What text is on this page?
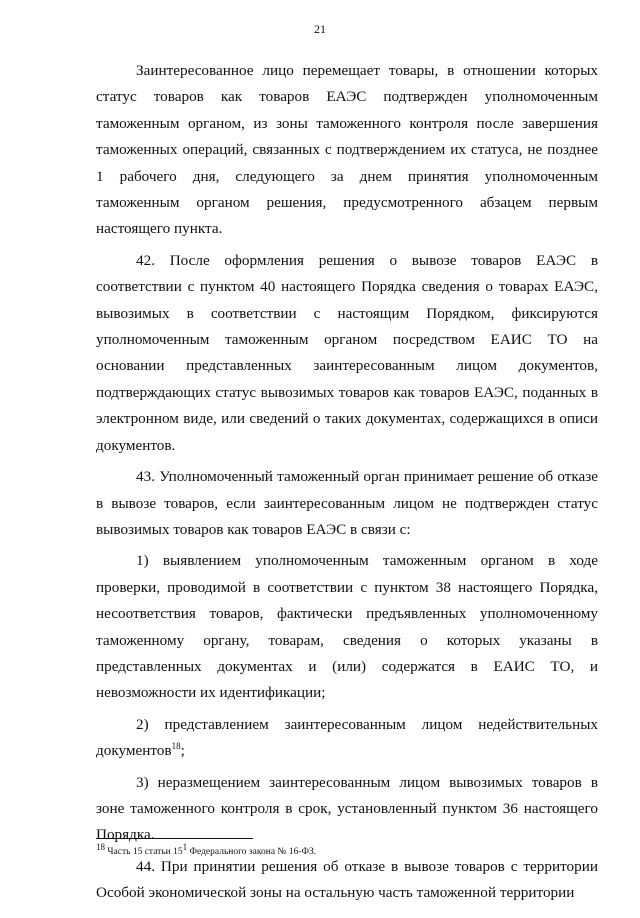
21

Заинтересованное лицо перемещает товары, в отношении которых статус товаров как товаров ЕАЭС подтвержден уполномоченным таможенным органом, из зоны таможенного контроля после завершения таможенных операций, связанных с подтверждением их статуса, не позднее 1 рабочего дня, следующего за днем принятия уполномоченным таможенным органом решения, предусмотренного абзацем первым настоящего пункта.

42. После оформления решения о вывозе товаров ЕАЭС в соответствии с пунктом 40 настоящего Порядка сведения о товарах ЕАЭС, вывозимых в соответствии с настоящим Порядком, фиксируются уполномоченным таможенным органом посредством ЕАИС ТО на основании представленных заинтересованным лицом документов, подтверждающих статус вывозимых товаров как товаров ЕАЭС, поданных в электронном виде, или сведений о таких документах, содержащихся в описи документов.

43. Уполномоченный таможенный орган принимает решение об отказе в вывозе товаров, если заинтересованным лицом не подтвержден статус вывозимых товаров как товаров ЕАЭС в связи с:

1) выявлением уполномоченным таможенным органом в ходе проверки, проводимой в соответствии с пунктом 38 настоящего Порядка, несоответствия товаров, фактически предъявленных уполномоченному таможенному органу, товарам, сведения о которых указаны в представленных документах и (или) содержатся в ЕАИС ТО, и невозможности их идентификации;

2) представлением заинтересованным лицом недействительных документов$^{18}$;

3) неразмещением заинтересованным лицом вывозимых товаров в зоне таможенного контроля в срок, установленный пунктом 36 настоящего Порядка.

44. При принятии решения об отказе в вывозе товаров с территории Особой экономической зоны на остальную часть таможенной территории

$^{18}$ Часть 15 статьи $15^1$ Федерального закона № 16-ФЗ.
